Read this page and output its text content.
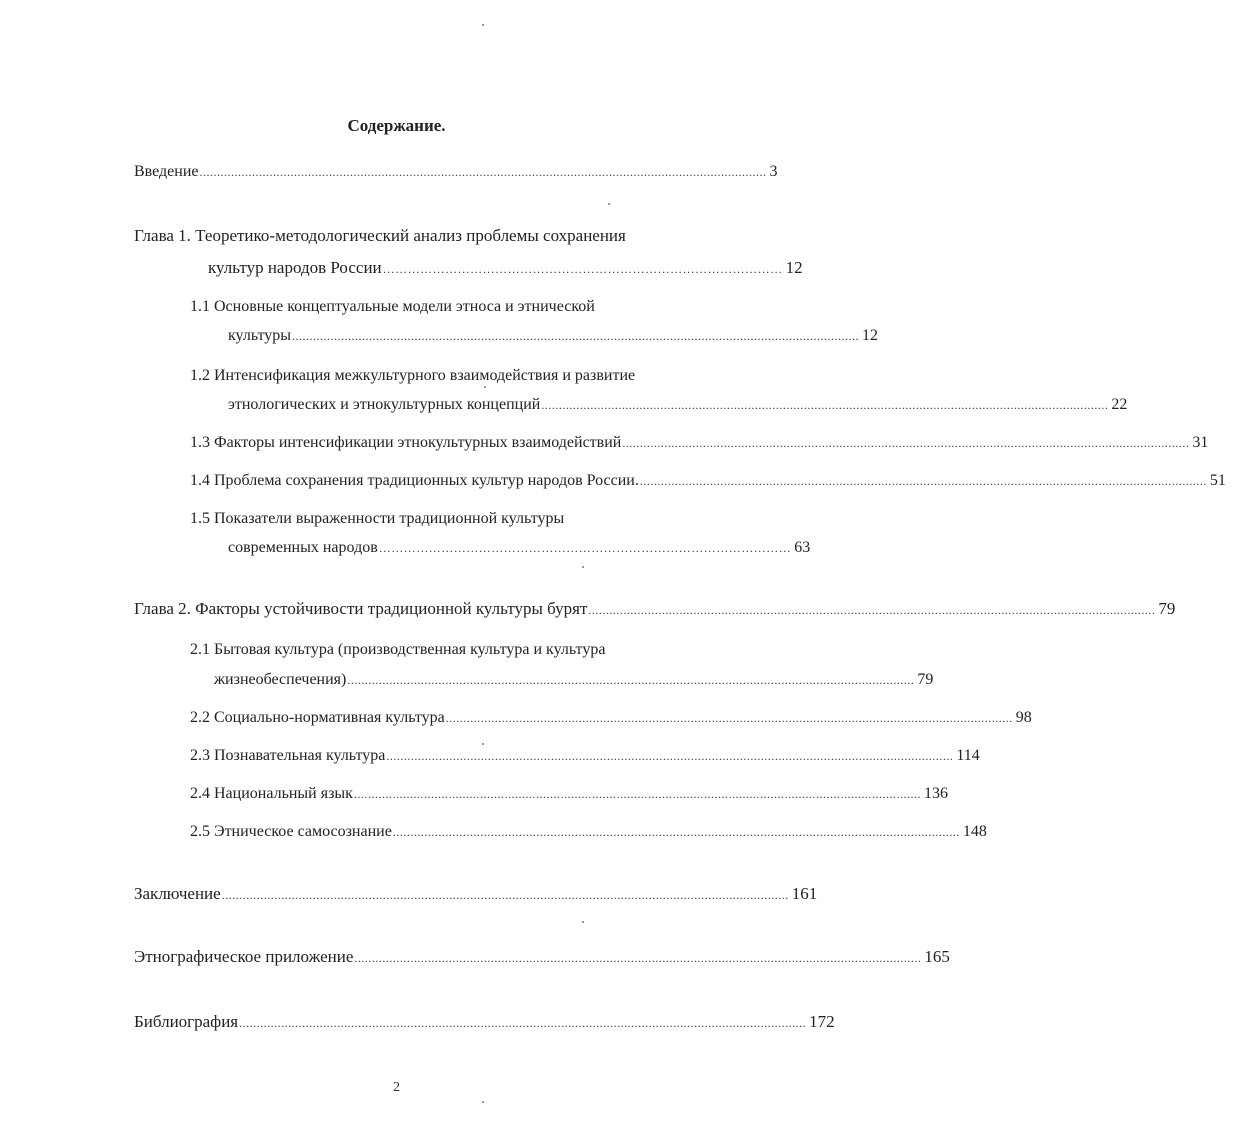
Содержание.
Введение .................................................................................................................................................................. 3
Глава 1. Теоретико-методологический анализ проблемы сохранения
культур народов России …………………………………………………………………………………… 12
1.1 Основные концептуальные модели этноса и этнической
культуры .................................................................................................................................................................. 12
1.2 Интенсификация межкультурного взаимодействия и развитие
этнологических и этнокультурных концепций .................................................................................................................................................................. 22
1.3 Факторы интенсификации этнокультурных взаимодействий .................................................................................................................................................................. 31
1.4 Проблема сохранения традиционных культур народов России. .................................................................................................................................................................. 51
1.5 Показатели выраженности традиционной культуры
современных народов ……………………………………………………………………………………… 63
Глава 2. Факторы устойчивости традиционной культуры бурят .................................................................................................................................................................. 79
2.1 Бытовая культура (производственная культура и культура
жизнеобеспечения) .................................................................................................................................................................. 79
2.2 Социально-нормативная культура .................................................................................................................................................................. 98
2.3 Познавательная культура .................................................................................................................................................................. 114
2.4 Национальный язык .................................................................................................................................................................. 136
2.5 Этническое самосознание .................................................................................................................................................................. 148
Заключение .................................................................................................................................................................. 161
Этнографическое приложение .................................................................................................................................................................. 165
Библиография .................................................................................................................................................................. 172
2
